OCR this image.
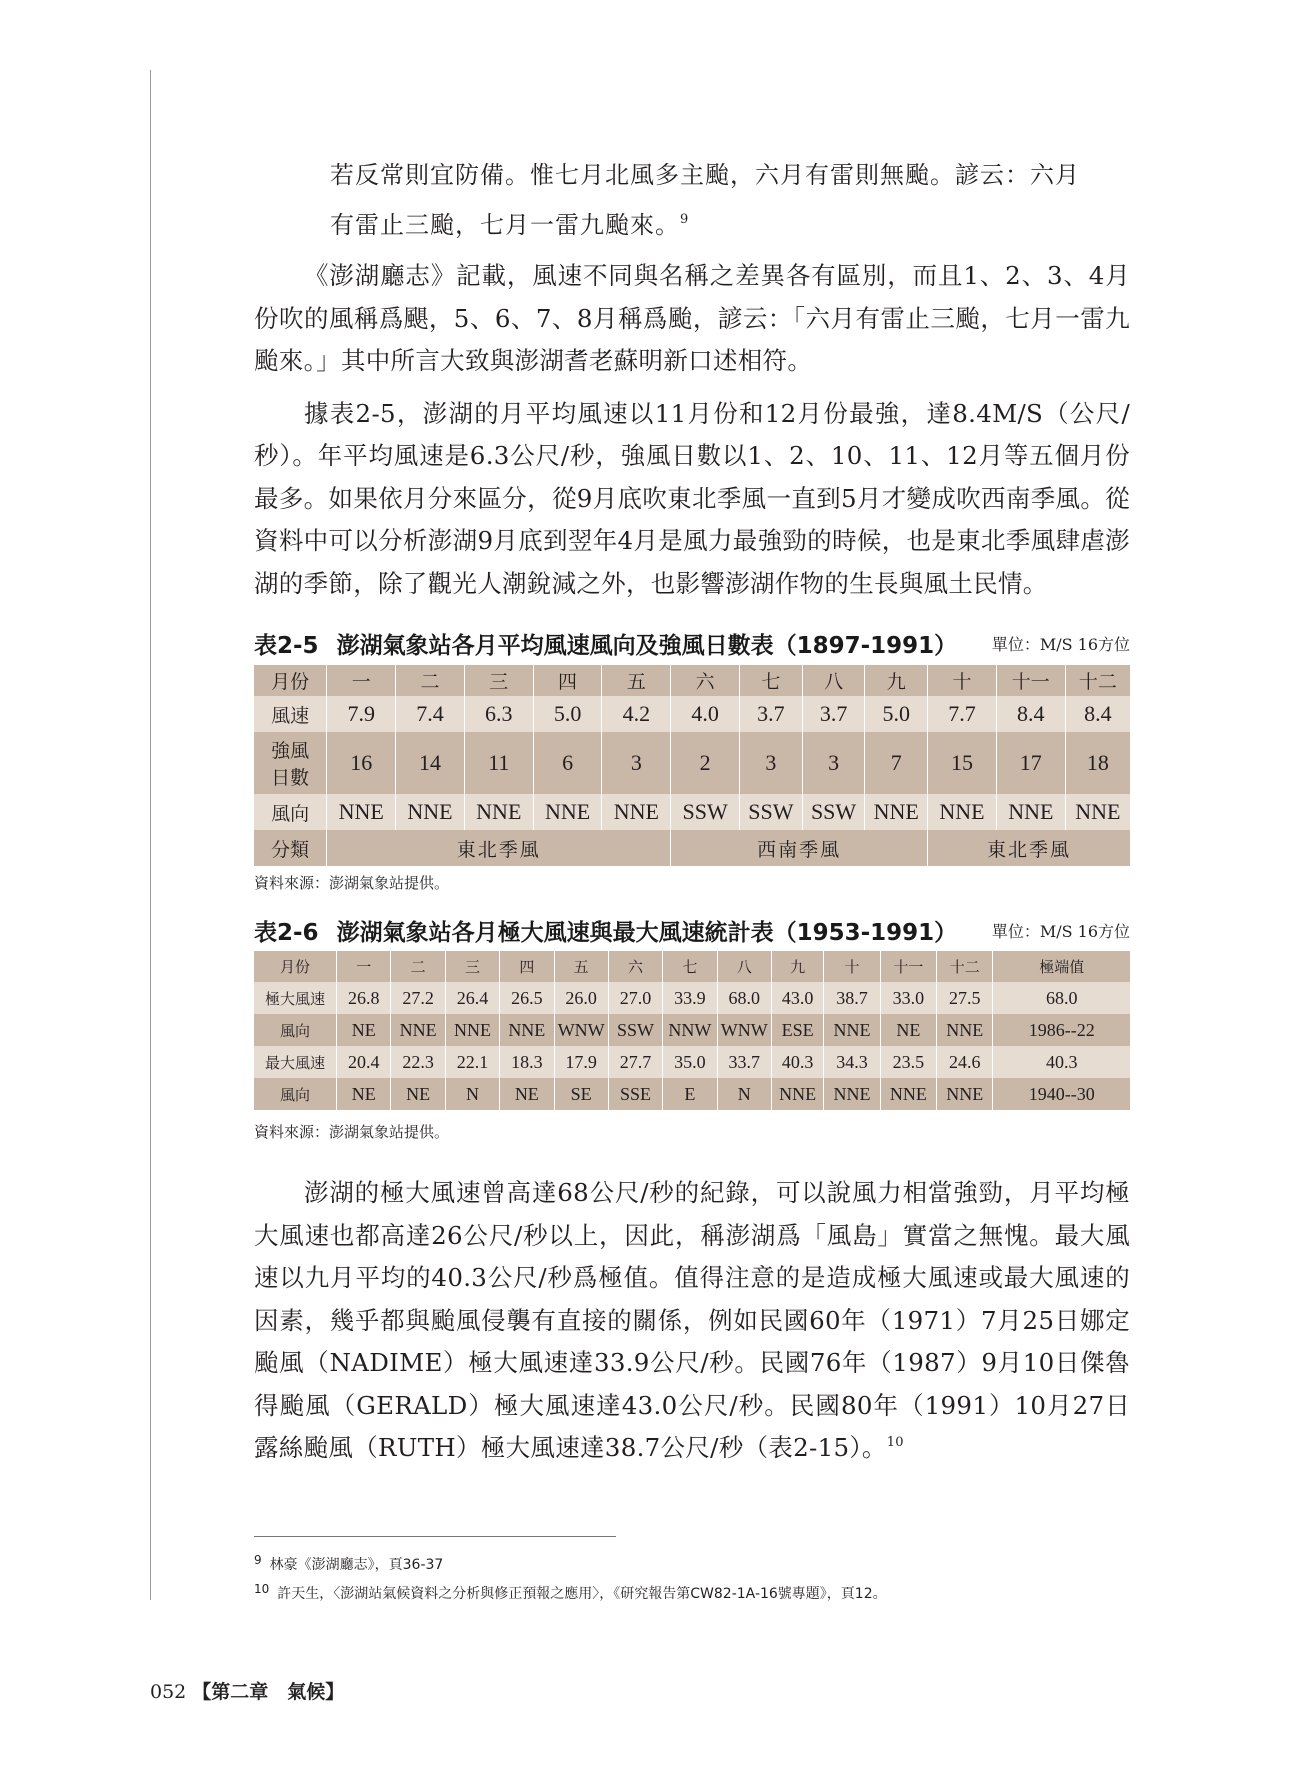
若反常則宜防備。惟七月北風多主颱，六月有雷則無颱。諺云：六月
有雷止三颱，七月一雷九颱來。$^9$

《澎湖廳志》記載，風速不同與名稱之差異各有區別，而且1、2、3、4月份吹的風稱爲颶，5、6、7、8月稱爲颱，諺云：「六月有雷止三颱，七月一雷九颱來。」其中所言大致與澎湖耆老蘇明新口述相符。

據表2-5，澎湖的月平均風速以11月份和12月份最強，達8.4M/S（公尺/秒）。年平均風速是6.3公尺/秒，強風日數以1、2、10、11、12月等五個月份最多。如果依月分來區分，從9月底吹東北季風一直到5月才變成吹西南季風。從資料中可以分析澎湖9月底到翌年4月是風力最強勁的時候，也是東北季風肆虐澎湖的季節，除了觀光人潮銳減之外，也影響澎湖作物的生長與風土民情。

表2-5 澎湖氣象站各月平均風速風向及強風日數表（1897-1991） 單位：M/S 16方位
月份	一	二	三	四	五	六	七	八	九	十	十一	十二
風速	7.9	7.4	6.3	5.0	4.2	4.0	3.7	3.7	5.0	7.7	8.4	8.4

強風
日數	16	14	11	6	3	2	3	3	7	15	17	18
風向	NNE	NNE	NNE	NNE	NNE	SSW	SSW	SSW	NNE	NNE	NNE	NNE
分類	東北季風					西南季風				東北季風		
資料來源：澎湖氣象站提供。
表2-6 澎湖氣象站各月極大風速與最大風速統計表（1953-1991） 單位：M/S 16方位
月份	一	二	三	四	五	六	七	八	九	十	十一	十二	極端值
極大風速	26.8	27.2	26.4	26.5	26.0	27.0	33.9	68.0	43.0	38.7	33.0	27.5	68.0
風向	NE	NNE	NNE	NNE	WNW	SSW	NNW	WNW	ESE	NNE	NE	NNE	1986--22
最大風速	20.4	22.3	22.1	18.3	17.9	27.7	35.0	33.7	40.3	34.3	23.5	24.6	40.3
風向	NE	NE	N	NE	SE	SSE	E	N	NNE	NNE	NNE	NNE	1940--30
資料來源：澎湖氣象站提供。

澎湖的極大風速曾高達68公尺/秒的紀錄，可以說風力相當強勁，月平均極大風速也都高達26公尺/秒以上，因此，稱澎湖爲「風島」實當之無愧。最大風速以九月平均的40.3公尺/秒爲極值。值得注意的是造成極大風速或最大風速的因素，幾乎都與颱風侵襲有直接的關係，例如民國60年（1971）7月25日娜定颱風（NADIME）極大風速達33.9公尺/秒。民國76年（1987）9月10日傑魯得颱風（GERALD）極大風速達43.0公尺/秒。民國80年（1991）10月27日露絲颱風（RUTH）極大風速達38.7公尺/秒（表2-15）。$^{10}$

9 林豪《澎湖廳志》，頁36-37
10 許天生，〈澎湖站氣候資料之分析與修正預報之應用〉，《研究報告第CW82-1A-16號專題》，頁12。
052 【第二章　氣候】
